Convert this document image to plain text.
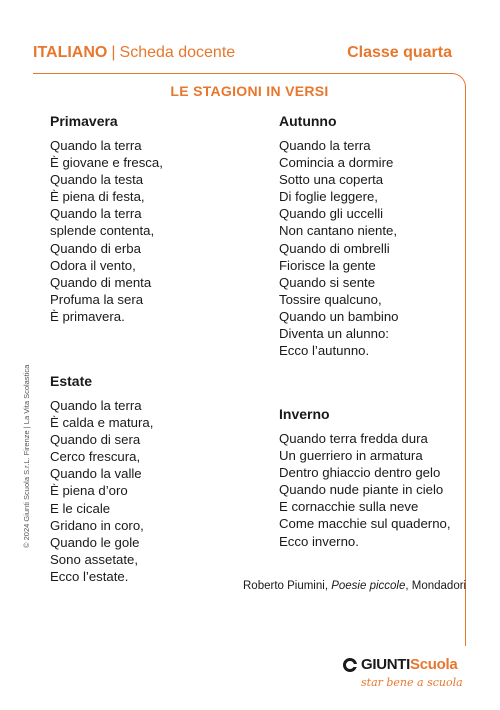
ITALIANO | Scheda docente	Classe quarta
LE STAGIONI IN VERSI
Primavera
Quando la terra
È giovane e fresca,
Quando la testa
È piena di festa,
Quando la terra
splende contenta,
Quando di erba
Odora il vento,
Quando di menta
Profuma la sera
È primavera.
Autunno
Quando la terra
Comincia a dormire
Sotto una coperta
Di foglie leggere,
Quando gli uccelli
Non cantano niente,
Quando di ombrelli
Fiorisce la gente
Quando si sente
Tossire qualcuno,
Quando un bambino
Diventa un alunno:
Ecco l’autunno.
Estate
Quando la terra
È calda e matura,
Quando di sera
Cerco frescura,
Quando la valle
È piena d’oro
E le cicale
Gridano in coro,
Quando le gole
Sono assetate,
Ecco l’estate.
Inverno
Quando terra fredda dura
Un guerriero in armatura
Dentro ghiaccio dentro gelo
Quando nude piante in cielo
E cornacchie sulla neve
Come macchie sul quaderno,
Ecco inverno.
Roberto Piumini, Poesie piccole, Mondadori
© 2024 Giunti Scuola S.r.L. Firenze | La Vita Scolastica
GIUNTIScuola
star bene a scuola
